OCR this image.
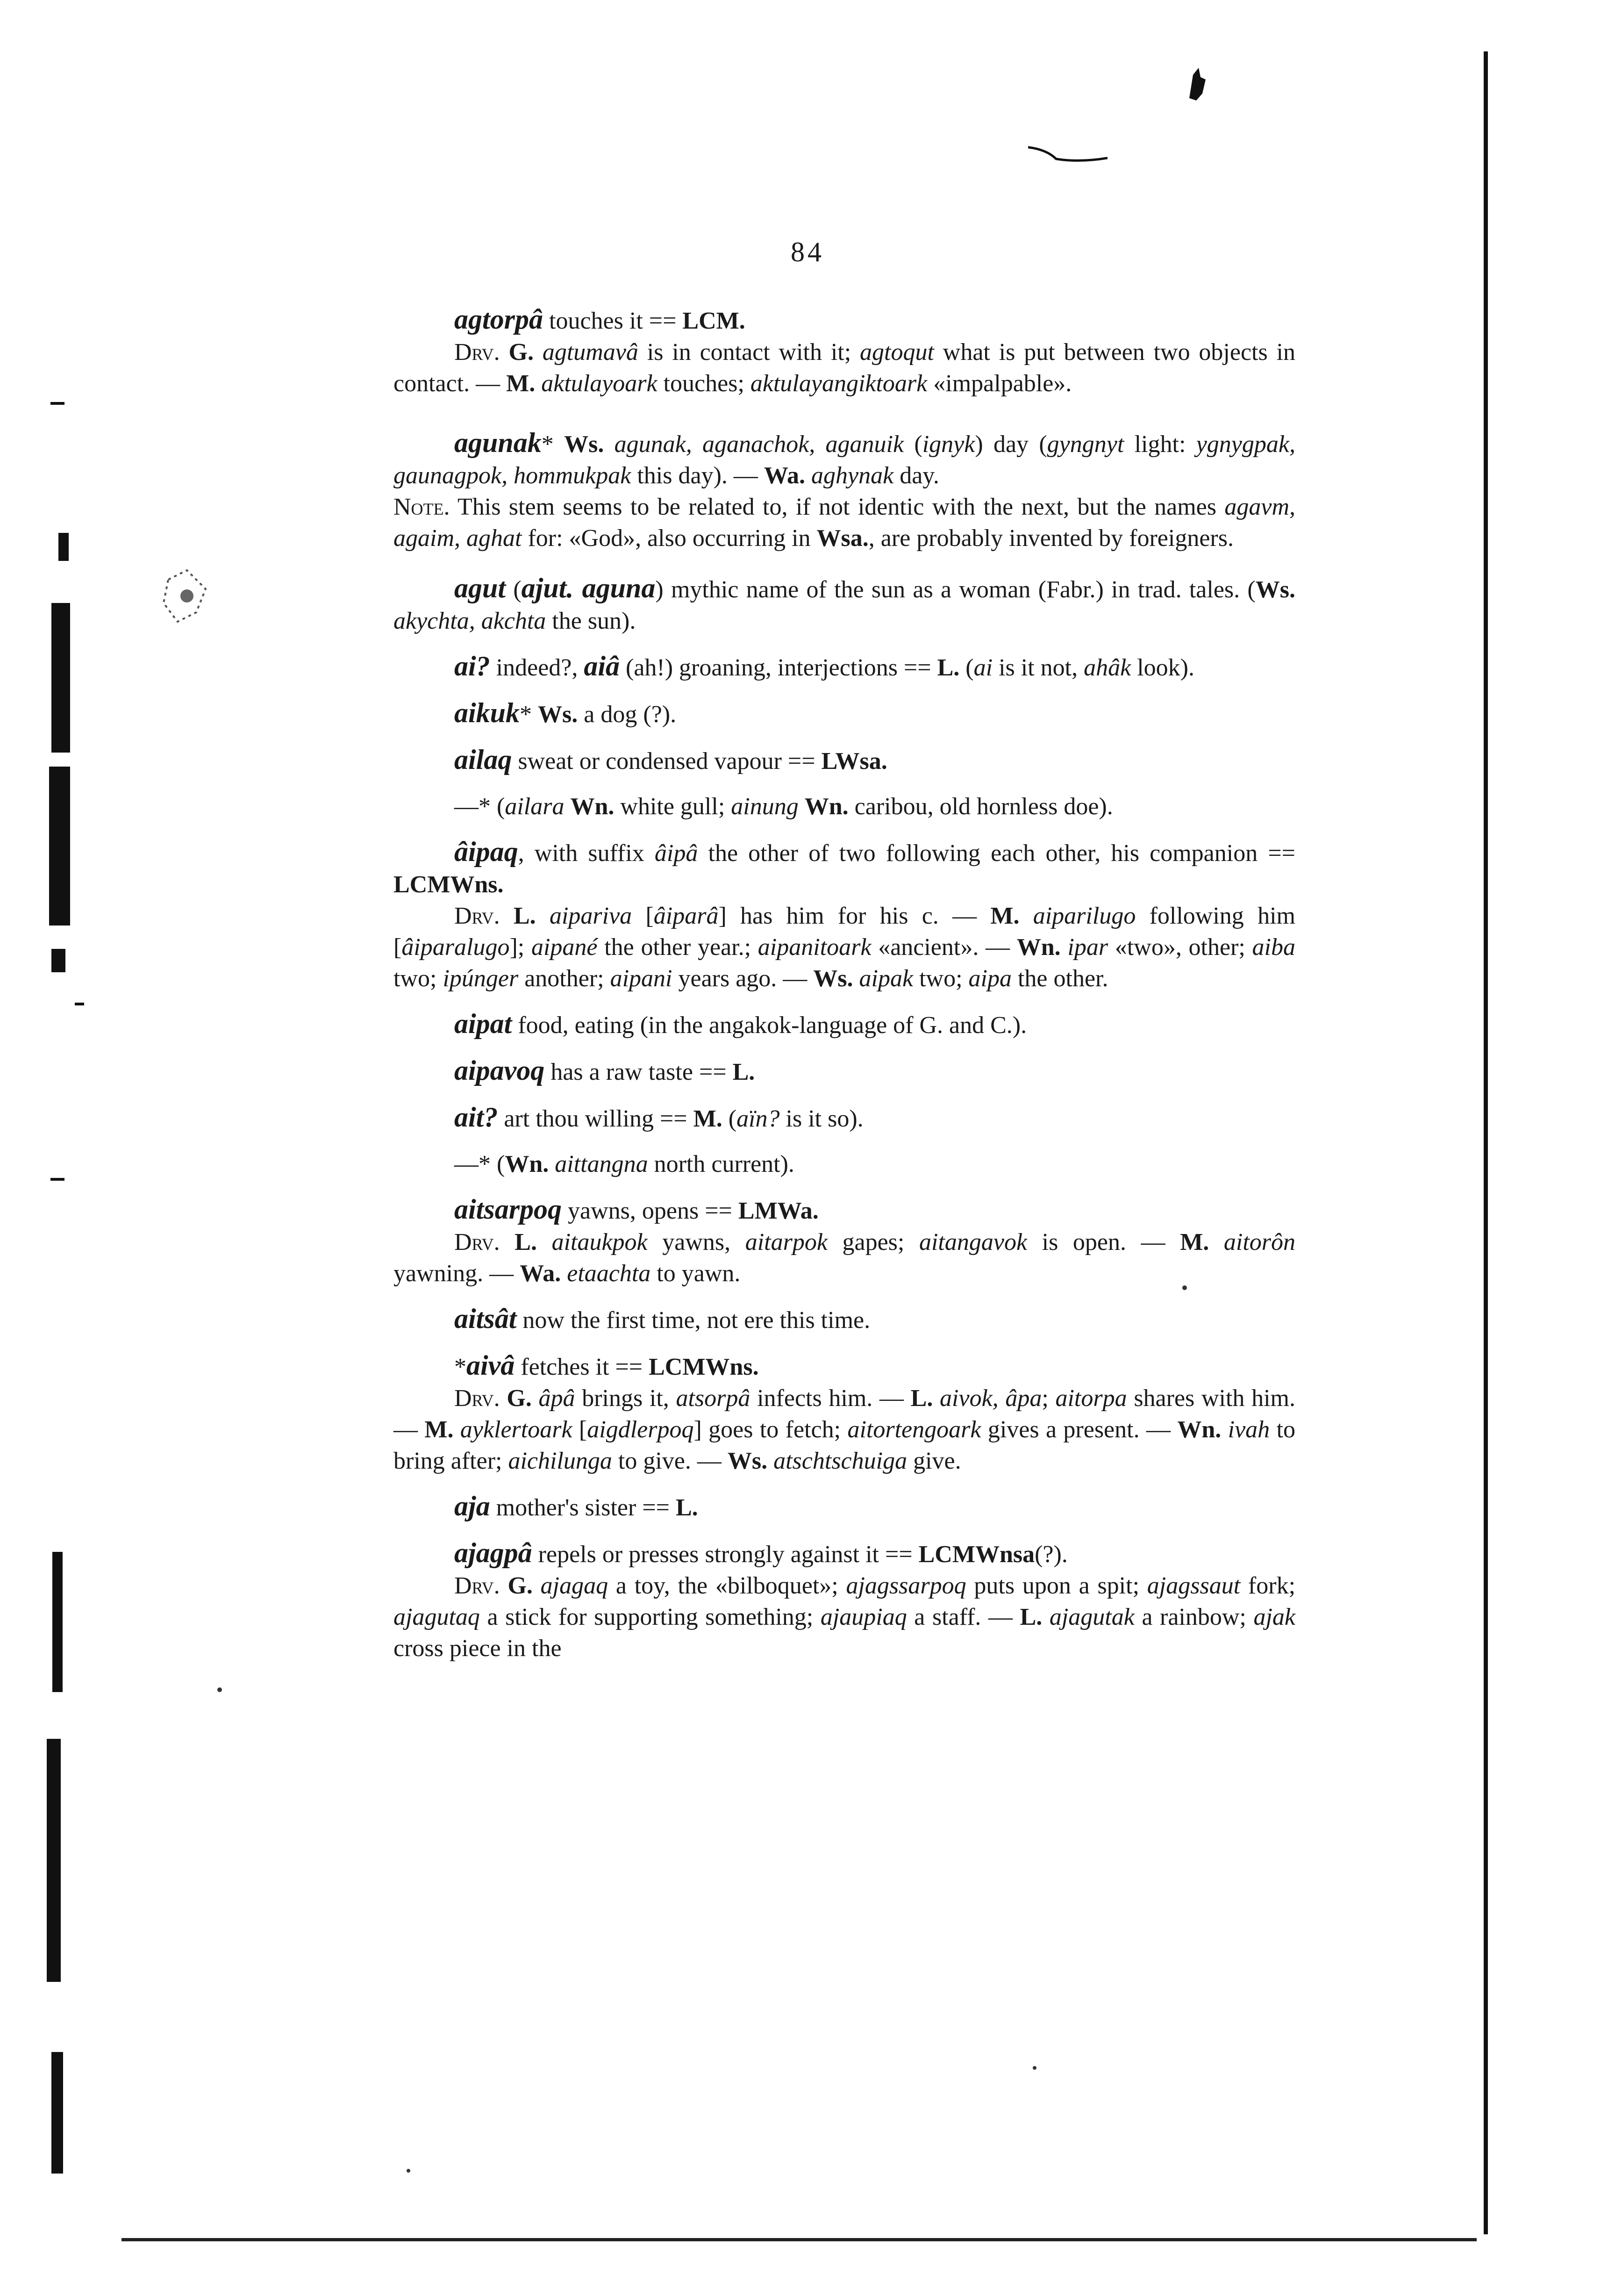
84
agtorpâ touches it == LCM.
Drv. G. agtumavâ is in contact with it; agtoqut what is put between two objects in contact. — M. aktulayoark touches; aktulayangiktoark «impalpable».
agunak* Ws. agunak, aganachok, aganuik (ignyk) day (gyngnyt light: ygnygpak, gaunagpok, hommukpak this day). — Wa. aghynak day.
Note. This stem seems to be related to, if not identic with the next, but the names agavm, agaim, aghat for: «God», also occurring in Wsa., are probably invented by foreigners.
agut (ajut. aguna) mythic name of the sun as a woman (Fabr.) in trad. tales. (Ws. akychta, akchta the sun).
ai? indeed?, aiâ (ah!) groaning, interjections == L. (ai is it not, ahâk look).
aikuk* Ws. a dog (?).
ailaq sweat or condensed vapour == LWsa.
—* (ailara Wn. white gull; ainung Wn. caribou, old hornless doe).
âipaq, with suffix âipâ the other of two following each other, his companion == LCMWns.
Drv. L. aipariva [âiparâ] has him for his c. — M. aiparilugo following him [âiparalugo]; aipané the other year.; aipanitoark «ancient». — Wn. ipar «two», other; aiba two; ipúnger another; aipani years ago. — Ws. aipak two; aipa the other.
aipat food, eating (in the angakok-language of G. and C.).
aipavoq has a raw taste == L.
ait? art thou willing == M. (aïn? is it so).
—* (Wn. aittangna north current).
aitsarpoq yawns, opens == LMWa.
Drv. L. aitaukpok yawns, aitarpok gapes; aitangavok is open. — M. aitorôn yawning. — Wa. etaachta to yawn.
aitsât now the first time, not ere this time.
*aivâ fetches it == LCMWns.
Drv. G. âpâ brings it, atsorpâ infects him. — L. aivok, âpa; aitorpa shares with him. — M. ayklertoark [aigdlerpoq] goes to fetch; aitortengoark gives a present. — Wn. ivah to bring after; aichilunga to give. — Ws. atschtschuiga give.
aja mother's sister == L.
ajagpâ repels or presses strongly against it == LCMWnsa(?).
Drv. G. ajagaq a toy, the «bilboquet»; ajagssarpoq puts upon a spit; ajagssaut fork; ajagutaq a stick for supporting something; ajaupiaq a staff. — L. ajagutak a rainbow; ajak cross piece in the
